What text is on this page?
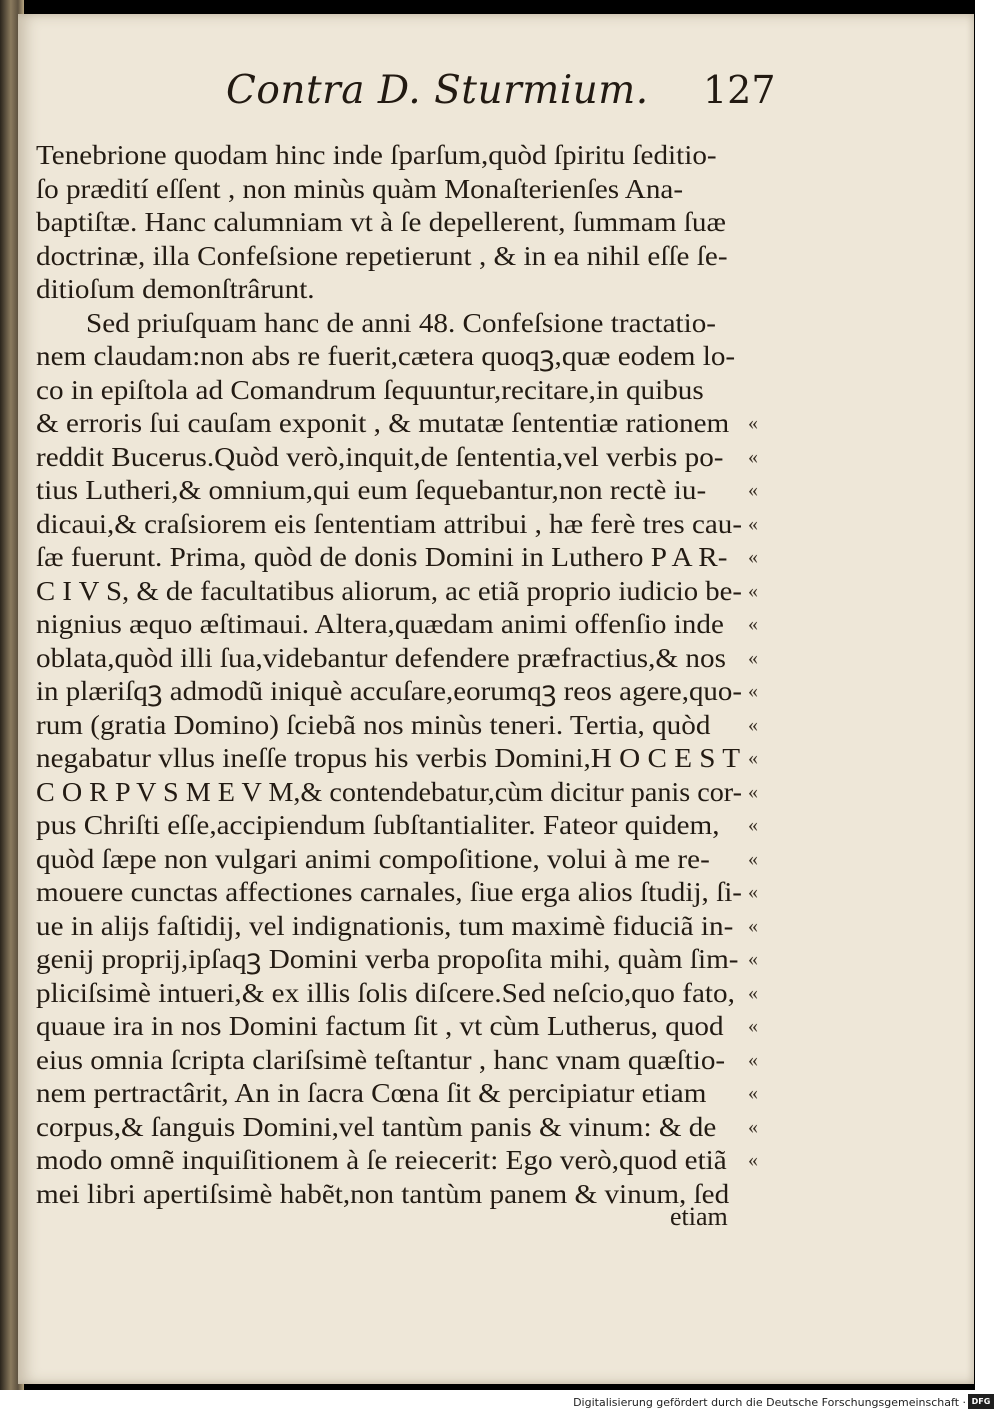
Contra D. Sturmium. 127
Tenebrione quodam hinc inde ſparſum,quòd ſpiritu ſeditio-
ſo prædití eſſent , non minùs quàm Monaſterienſes Ana-
baptiſtæ. Hanc calumniam vt à ſe depellerent, ſummam ſuæ
doctrinæ, illa Confeſsione repetierunt , & in ea nihil eſſe ſe-
ditioſum demonſtrârunt.
Sed priuſquam hanc de anni 48. Confeſsione tractatio-
nem claudam:non abs re fuerit,cætera quoqꝫ,quæ eodem lo-
co in epiſtola ad Comandrum ſequuntur,recitare,in quibus
& erroris ſui cauſam exponit , & mutatæ ſententiæ rationem «
reddit Bucerus.Quòd verò,inquit,de ſententia,vel verbis po- «
tius Lutheri,& omnium,qui eum ſequebantur,non rectè iu- «
dicaui,& craſsiorem eis ſententiam attribui , hæ ferè tres cau- «
ſæ fuerunt. Prima, quòd de donis Domini in Luthero P A R- «
C I V S, & de facultatibus aliorum, ac etiã proprio iudicio be- «
nignius æquo æſtimaui. Altera,quædam animi offenſio inde «
oblata,quòd illi ſua,videbantur defendere præfractius,& nos «
in plæriſqꝫ admodũ iniquè accuſare,eorumqꝫ reos agere,quo- «
rum (gratia Domino) ſciebã nos minùs teneri. Tertia, quòd «
negabatur vllus ineſſe tropus his verbis Domini,H O C E S T «
C O R P V S M E V M,& contendebatur,cùm dicitur panis cor- «
pus Chriſti eſſe,accipiendum ſubſtantialiter. Fateor quidem, «
quòd ſæpe non vulgari animi compoſitione, volui à me re- «
mouere cunctas affectiones carnales, ſiue erga alios ſtudij, ſi- «
ue in alijs faſtidij, vel indignationis, tum maximè fiduciã in- «
genij proprij,ipſaqꝫ Domini verba propoſita mihi, quàm ſim- «
pliciſsimè intueri,& ex illis ſolis diſcere.Sed neſcio,quo fato, «
quaue ira in nos Domini factum ſit , vt cùm Lutherus, quod «
eius omnia ſcripta clariſsimè teſtantur , hanc vnam quæſtio- «
nem pertractârit, An in ſacra Cœna ſit & percipiatur etiam «
corpus,& ſanguis Domini,vel tantùm panis & vinum: & de «
modo omnẽ inquiſitionem à ſe reiecerit: Ego verò,quod etiã «
mei libri apertiſsimè habẽt,non tantùm panem & vinum, ſed
etiam
Digitalisierung gefördert durch die Deutsche Forschungsgemeinschaft · DFG
